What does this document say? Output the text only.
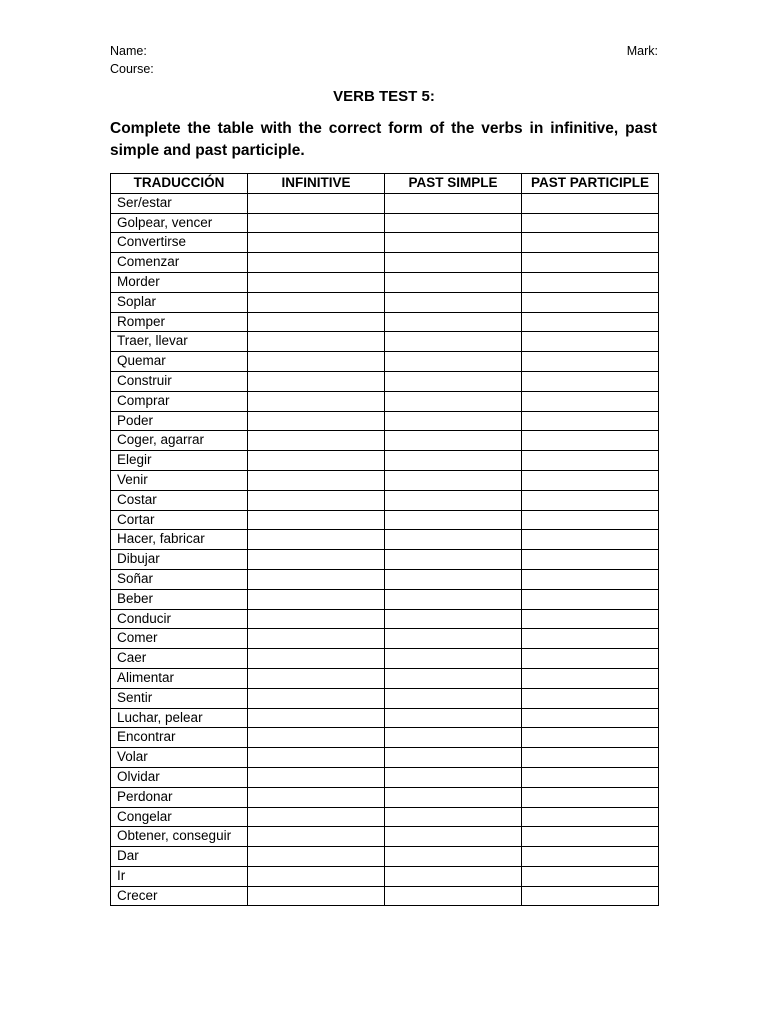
Name:
Course:
Mark:
VERB TEST 5:
Complete the table with the correct form of the verbs in infinitive, past simple and past participle.
TRADUCCIÓN	INFINITIVE	PAST SIMPLE	PAST PARTICIPLE
Ser/estar			
Golpear, vencer			
Convertirse			
Comenzar			
Morder			
Soplar			
Romper			
Traer, llevar			
Quemar			
Construir			
Comprar			
Poder			
Coger, agarrar			
Elegir			
Venir			
Costar			
Cortar			
Hacer, fabricar			
Dibujar			
Soñar			
Beber			
Conducir			
Comer			
Caer			
Alimentar			
Sentir			
Luchar, pelear			
Encontrar			
Volar			
Olvidar			
Perdonar			
Congelar			
Obtener, conseguir			
Dar			
Ir			
Crecer			
